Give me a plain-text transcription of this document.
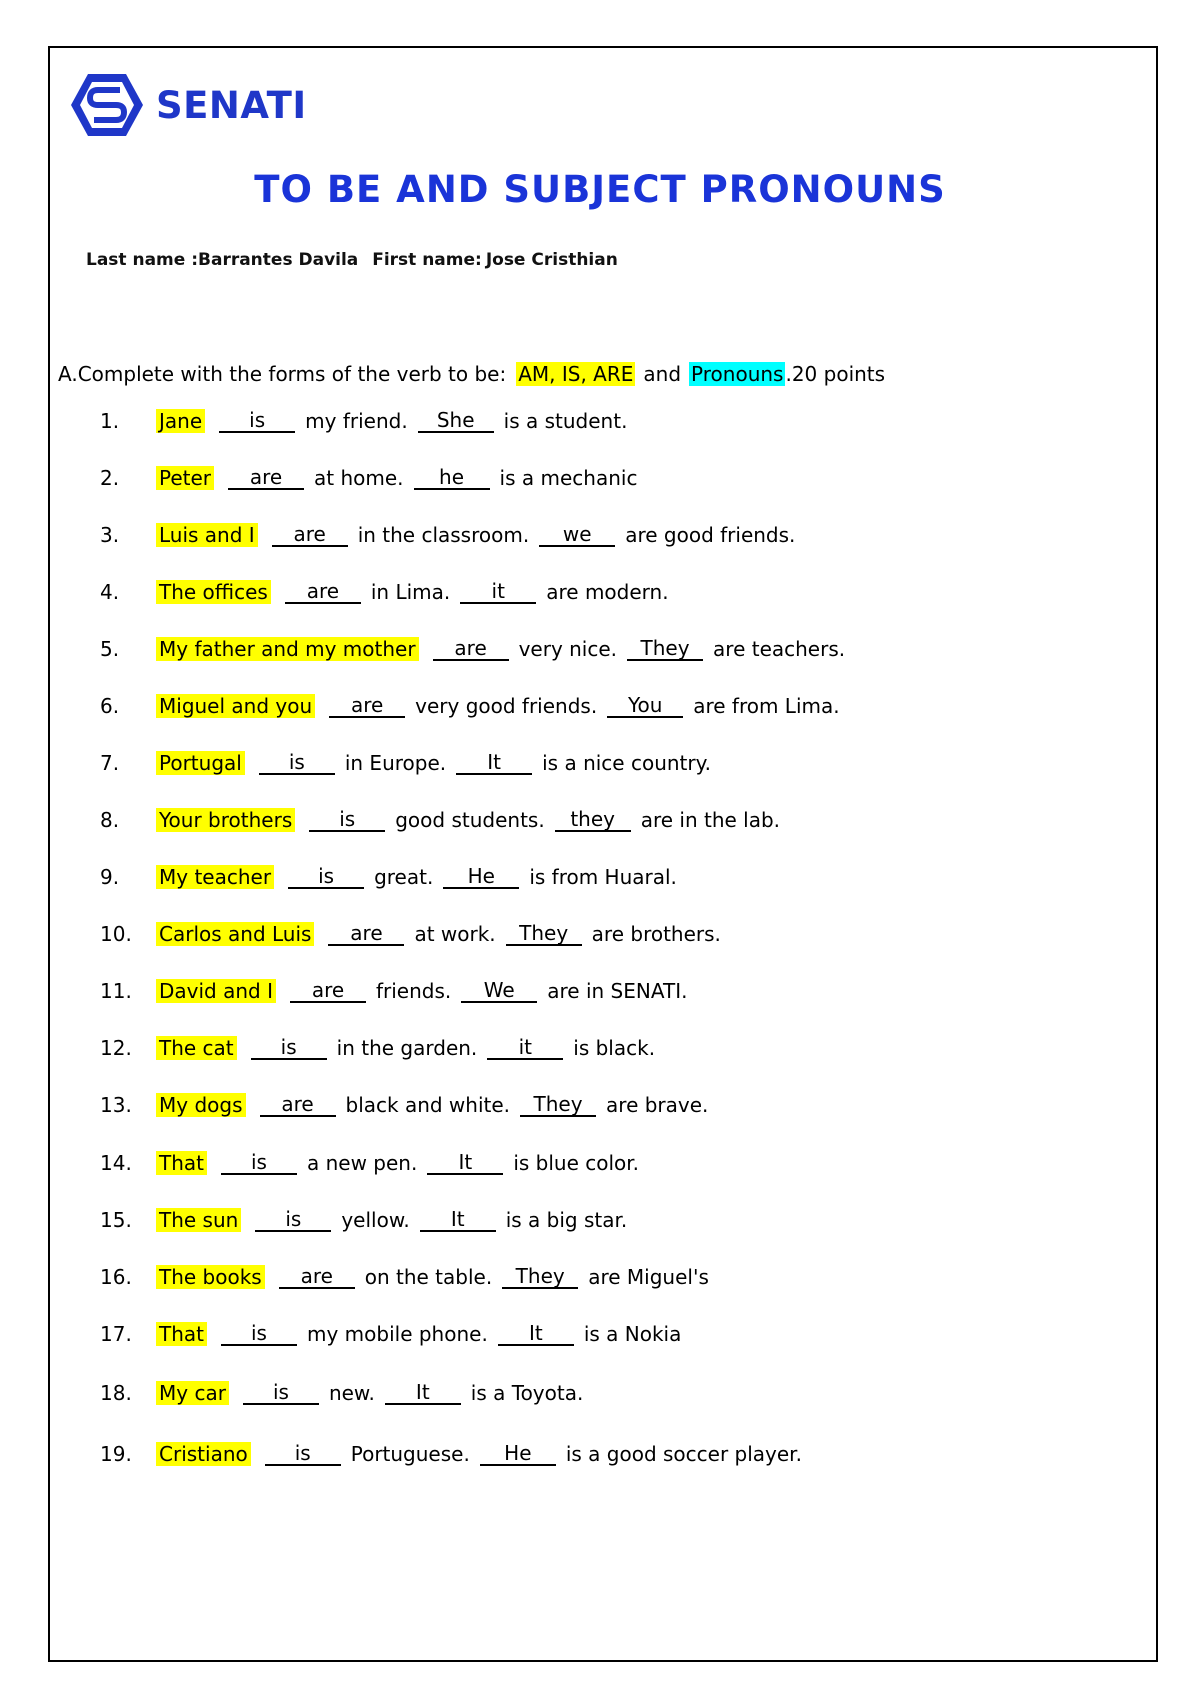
SENATI
TO BE AND SUBJECT PRONOUNS
Last name :Barrantes Davila First name: Jose Cristhian
A. Complete with the forms of the verb to be: AM, IS, ARE and Pronouns .20 points
1.	Jane	is	my friend.	She	is a student.
2.	Peter	are	at home.	he	is a mechanic
3.	Luis and I	are	in the classroom.	we	are good friends.
4.	The offices	are	in Lima.	it	are modern.
5.	My father and my mother	are	very nice.	They	are teachers.
6.	Miguel and you	are	very good friends.	You	are from Lima.
7.	Portugal	is	in Europe.	It	is a nice country.
8.	Your brothers	is	good students.	they	are in the lab.
9.	My teacher	is	great.	He	is from Huaral.
10.	Carlos and Luis	are	at work.	They	are brothers.
11.	David and I	are	friends.	We	are in SENATI.
12.	The cat	is	in the garden.	it	is black.
13.	My dogs	are	black and white.	They	are brave.
14.	That	is	a new pen.	It	is blue color.
15.	The sun	is	yellow.	It	is a big star.
16.	The books	are	on the table.	They	are Miguel's
17.	That	is	my mobile phone.	It	is a Nokia
18.	My car	is	new.	It	is a Toyota.
19.	Cristiano	is	Portuguese.	He	is a good soccer player.
